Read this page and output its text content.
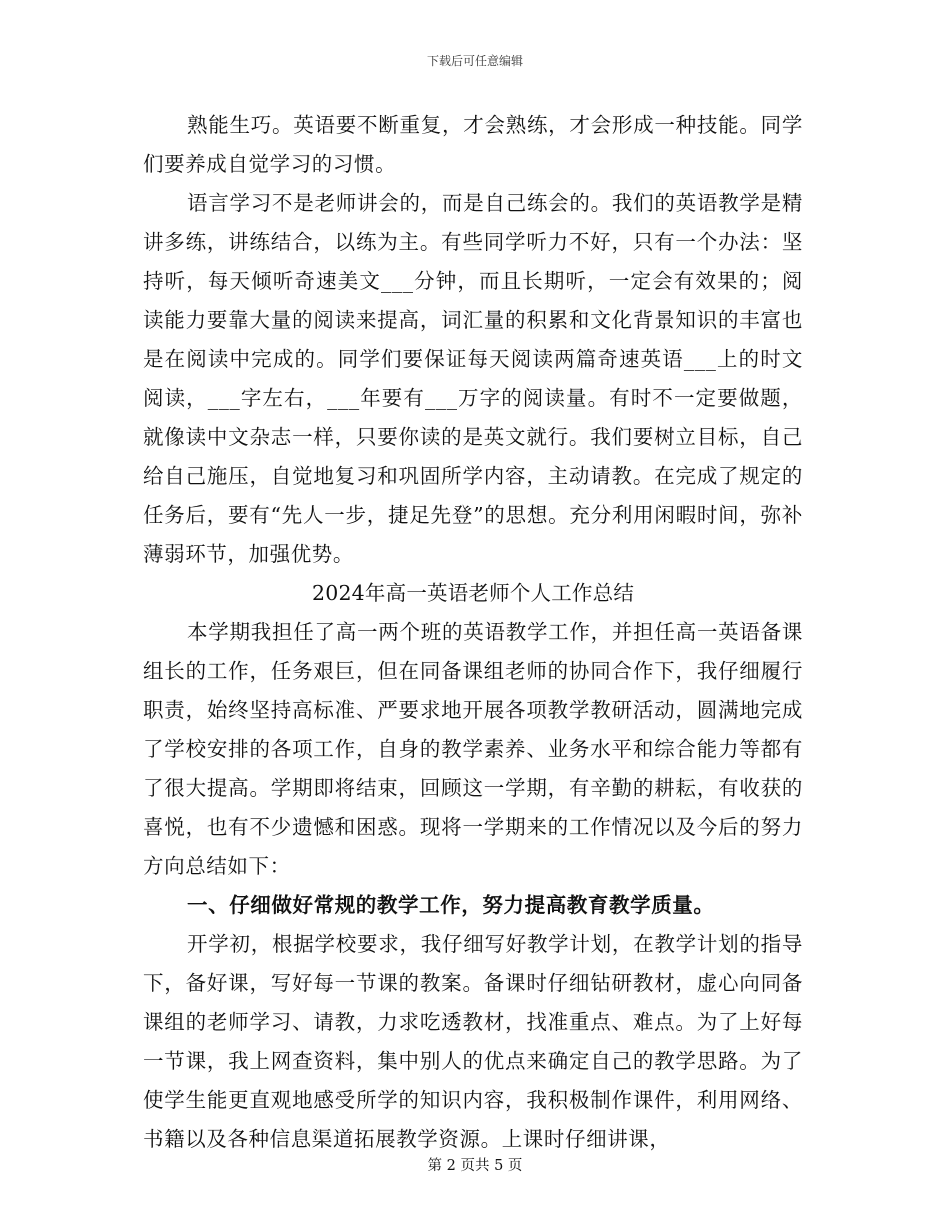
下载后可任意编辑

熟能生巧。英语要不断重复，才会熟练，才会形成一种技能。同学们要养成自觉学习的习惯。

语言学习不是老师讲会的，而是自己练会的。我们的英语教学是精讲多练，讲练结合，以练为主。有些同学听力不好，只有一个办法：坚持听，每天倾听奇速美文___分钟，而且长期听，一定会有效果的；阅读能力要靠大量的阅读来提高，词汇量的积累和文化背景知识的丰富也是在阅读中完成的。同学们要保证每天阅读两篇奇速英语___上的时文阅读，___字左右，___年要有___万字的阅读量。有时不一定要做题，就像读中文杂志一样，只要你读的是英文就行。我们要树立目标，自己给自己施压，自觉地复习和巩固所学内容，主动请教。在完成了规定的任务后，要有“先人一步，捷足先登”的思想。充分利用闲暇时间，弥补薄弱环节，加强优势。

2024年高一英语老师个人工作总结

本学期我担任了高一两个班的英语教学工作，并担任高一英语备课组长的工作，任务艰巨，但在同备课组老师的协同合作下，我仔细履行职责，始终坚持高标准、严要求地开展各项教学教研活动，圆满地完成了学校安排的各项工作，自身的教学素养、业务水平和综合能力等都有了很大提高。学期即将结束，回顾这一学期，有辛勤的耕耘，有收获的喜悦，也有不少遗憾和困惑。现将一学期来的工作情况以及今后的努力方向总结如下：

一、仔细做好常规的教学工作，努力提高教育教学质量。

开学初，根据学校要求，我仔细写好教学计划，在教学计划的指导下，备好课，写好每一节课的教案。备课时仔细钻研教材，虚心向同备课组的老师学习、请教，力求吃透教材，找准重点、难点。为了上好每一节课，我上网查资料，集中别人的优点来确定自己的教学思路。为了使学生能更直观地感受所学的知识内容，我积极制作课件，利用网络、书籍以及各种信息渠道拓展教学资源。上课时仔细讲课，

第 2 页共 5 页
